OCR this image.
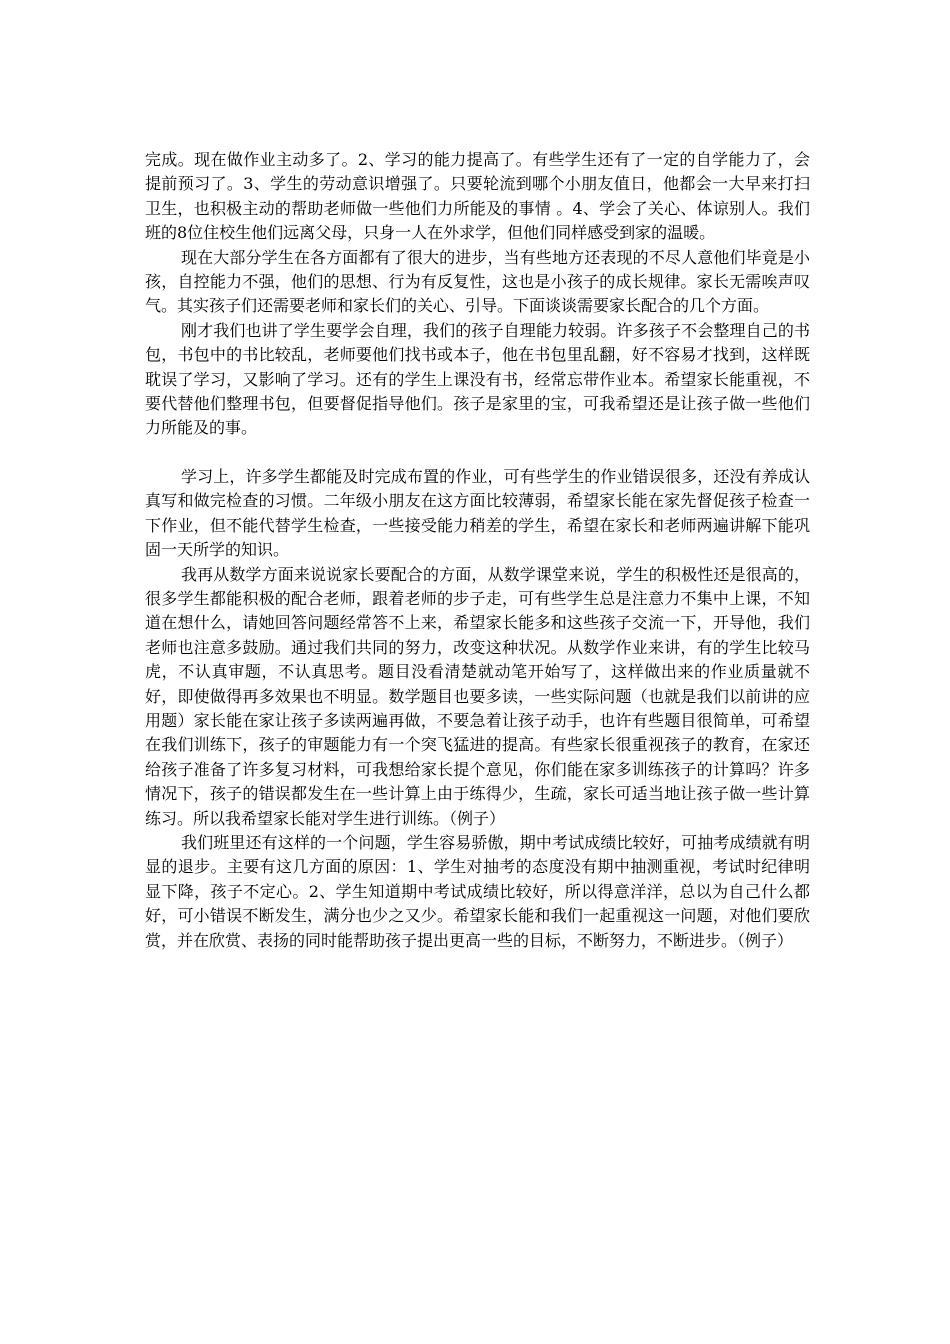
完成。现在做作业主动多了。2、学习的能力提高了。有些学生还有了一定的自学能力了，会提前预习了。3、学生的劳动意识增强了。只要轮流到哪个小朋友值日，他都会一大早来打扫卫生，也积极主动的帮助老师做一些他们力所能及的事情 。4、学会了关心、体谅别人。我们班的8位住校生他们远离父母，只身一人在外求学，但他们同样感受到家的温暖。

现在大部分学生在各方面都有了很大的进步，当有些地方还表现的不尽人意他们毕竟是小孩，自控能力不强，他们的思想、行为有反复性，这也是小孩子的成长规律。家长无需唉声叹气。其实孩子们还需要老师和家长们的关心、引导。下面谈谈需要家长配合的几个方面。

刚才我们也讲了学生要学会自理，我们的孩子自理能力较弱。许多孩子不会整理自己的书包，书包中的书比较乱，老师要他们找书或本子，他在书包里乱翻，好不容易才找到，这样既耽误了学习，又影响了学习。还有的学生上课没有书，经常忘带作业本。希望家长能重视，不要代替他们整理书包，但要督促指导他们。孩子是家里的宝，可我希望还是让孩子做一些他们力所能及的事。

学习上，许多学生都能及时完成布置的作业，可有些学生的作业错误很多，还没有养成认真写和做完检查的习惯。二年级小朋友在这方面比较薄弱，希望家长能在家先督促孩子检查一下作业，但不能代替学生检查，一些接受能力稍差的学生，希望在家长和老师两遍讲解下能巩固一天所学的知识。

我再从数学方面来说说家长要配合的方面，从数学课堂来说，学生的积极性还是很高的，很多学生都能积极的配合老师，跟着老师的步子走，可有些学生总是注意力不集中上课，不知道在想什么，请她回答问题经常答不上来，希望家长能多和这些孩子交流一下，开导他，我们老师也注意多鼓励。通过我们共同的努力，改变这种状况。从数学作业来讲，有的学生比较马虎，不认真审题，不认真思考。题目没看清楚就动笔开始写了，这样做出来的作业质量就不好，即使做得再多效果也不明显。数学题目也要多读，一些实际问题（也就是我们以前讲的应用题）家长能在家让孩子多读两遍再做，不要急着让孩子动手，也许有些题目很简单，可希望在我们训练下，孩子的审题能力有一个突飞猛进的提高。有些家长很重视孩子的教育，在家还给孩子准备了许多复习材料，可我想给家长提个意见，你们能在家多训练孩子的计算吗？许多情况下，孩子的错误都发生在一些计算上由于练得少，生疏，家长可适当地让孩子做一些计算练习。所以我希望家长能对学生进行训练。（例子）

我们班里还有这样的一个问题，学生容易骄傲，期中考试成绩比较好，可抽考成绩就有明显的退步。主要有这几方面的原因：1、学生对抽考的态度没有期中抽测重视，考试时纪律明显下降，孩子不定心。2、学生知道期中考试成绩比较好，所以得意洋洋，总以为自己什么都好，可小错误不断发生，满分也少之又少。希望家长能和我们一起重视这一问题，对他们要欣赏，并在欣赏、表扬的同时能帮助孩子提出更高一些的目标，不断努力，不断进步。（例子）
